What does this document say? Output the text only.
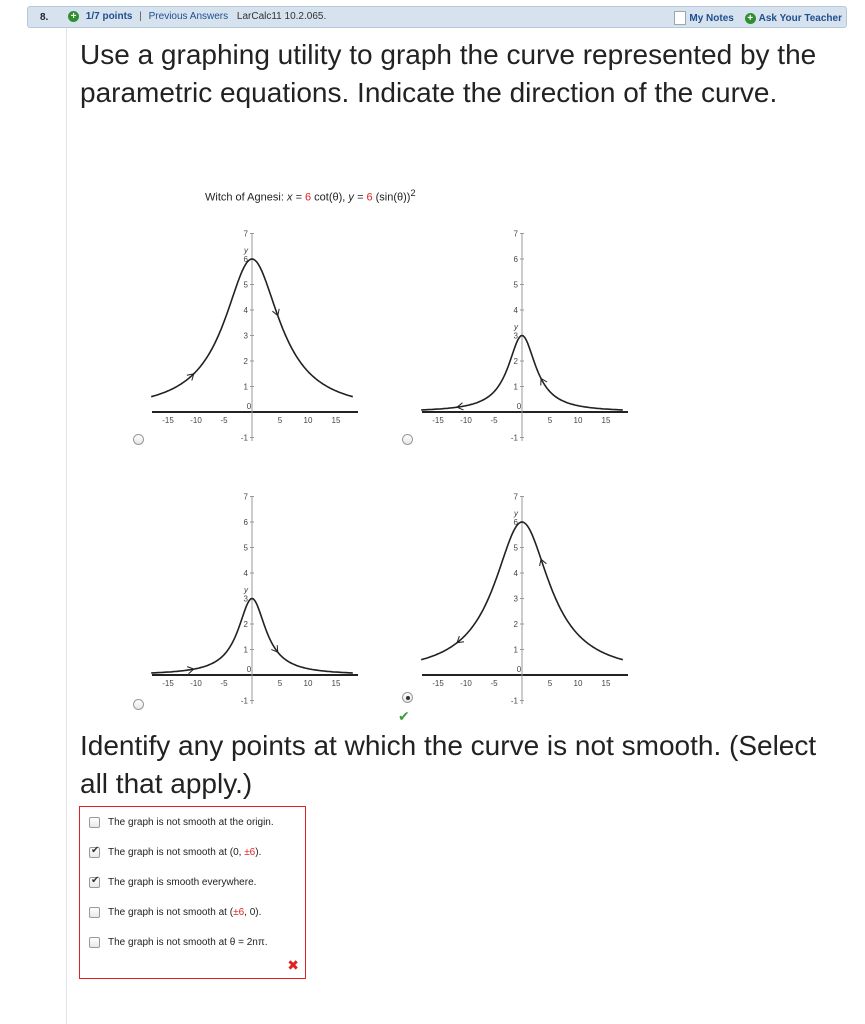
8. + 1/7 points | Previous Answers LarCalc11 10.2.065.	My Notes + Ask Your Teacher

Use a graphing utility to graph the curve represented by the parametric equations. Indicate the direction of the curve.

Witch of Agnesi: x = 6 cot(θ), y = 6 $(\sin(\theta))^2$
7
6
5
4
3
2
1
-1
-15 -10 -5
0
5	10 15
y
7
6
5
4
3
2
1
-1
-15 -10 -5
0
5	10 15
y
7
6
5
4
3
2
1
-1
-15 -10 -5
0
5	10 15
y
7
6
5
4
3
2
1
-1
-15 -10 -5
0
5	10 15
y
✔

Identify any points at which the curve is not smooth. (Select all that apply.)

The graph is not smooth at the origin.
✔The graph is not smooth at (0, ±6).
✔The graph is smooth everywhere.
The graph is not smooth at (±6, 0).
The graph is not smooth at θ = 2nπ.
✖
